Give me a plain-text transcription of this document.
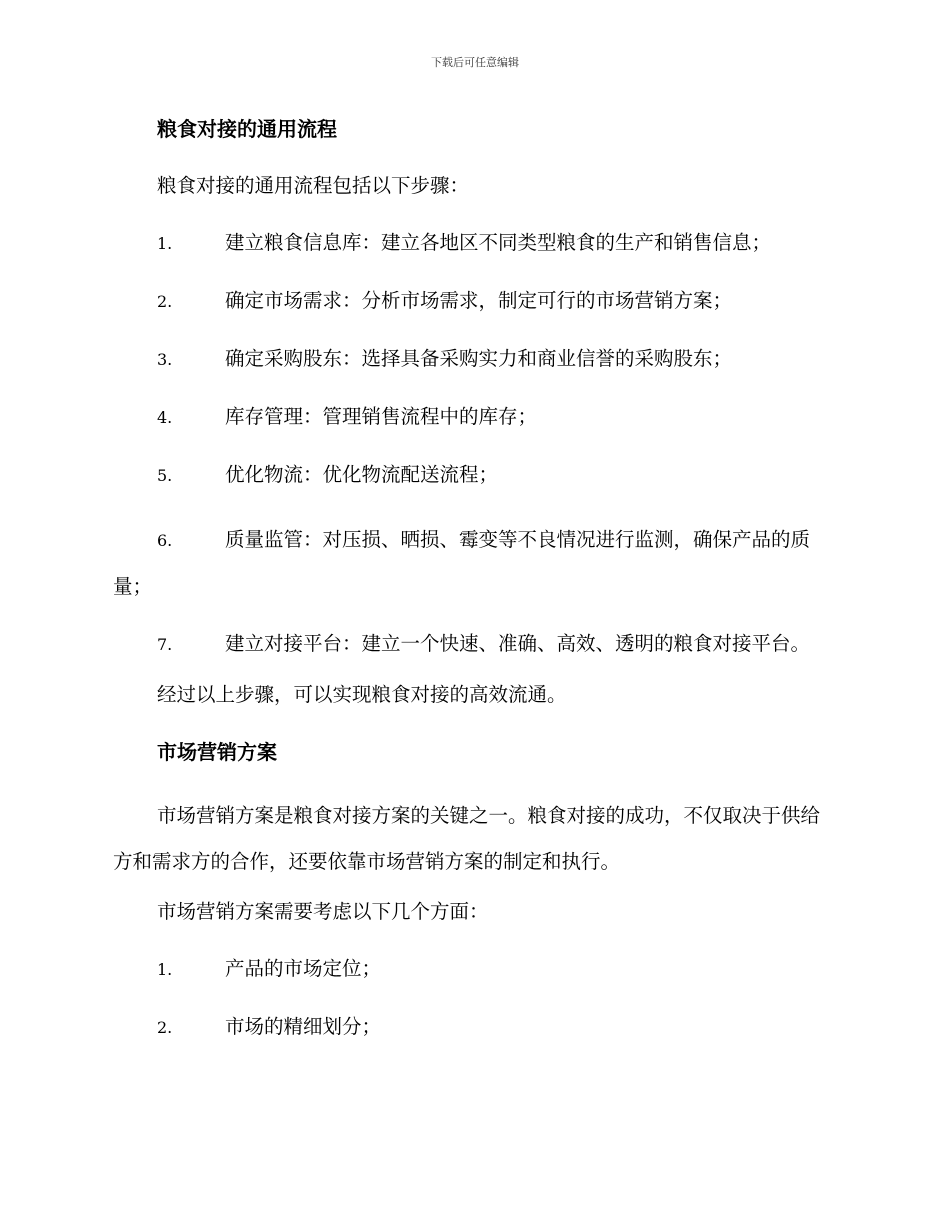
下载后可任意编辑
粮食对接的通用流程
粮食对接的通用流程包括以下步骤：
1.	建立粮食信息库：建立各地区不同类型粮食的生产和销售信息；
2.	确定市场需求：分析市场需求，制定可行的市场营销方案；
3.	确定采购股东：选择具备采购实力和商业信誉的采购股东；
4.	库存管理：管理销售流程中的库存；
5.	优化物流：优化物流配送流程；
6.	质量监管：对压损、晒损、霉变等不良情况进行监测，确保产品的质量；
7.	建立对接平台：建立一个快速、准确、高效、透明的粮食对接平台。
经过以上步骤，可以实现粮食对接的高效流通。
市场营销方案
市场营销方案是粮食对接方案的关键之一。粮食对接的成功，不仅取决于供给方和需求方的合作，还要依靠市场营销方案的制定和执行。
市场营销方案需要考虑以下几个方面：
1.	产品的市场定位；
2.	市场的精细划分；
